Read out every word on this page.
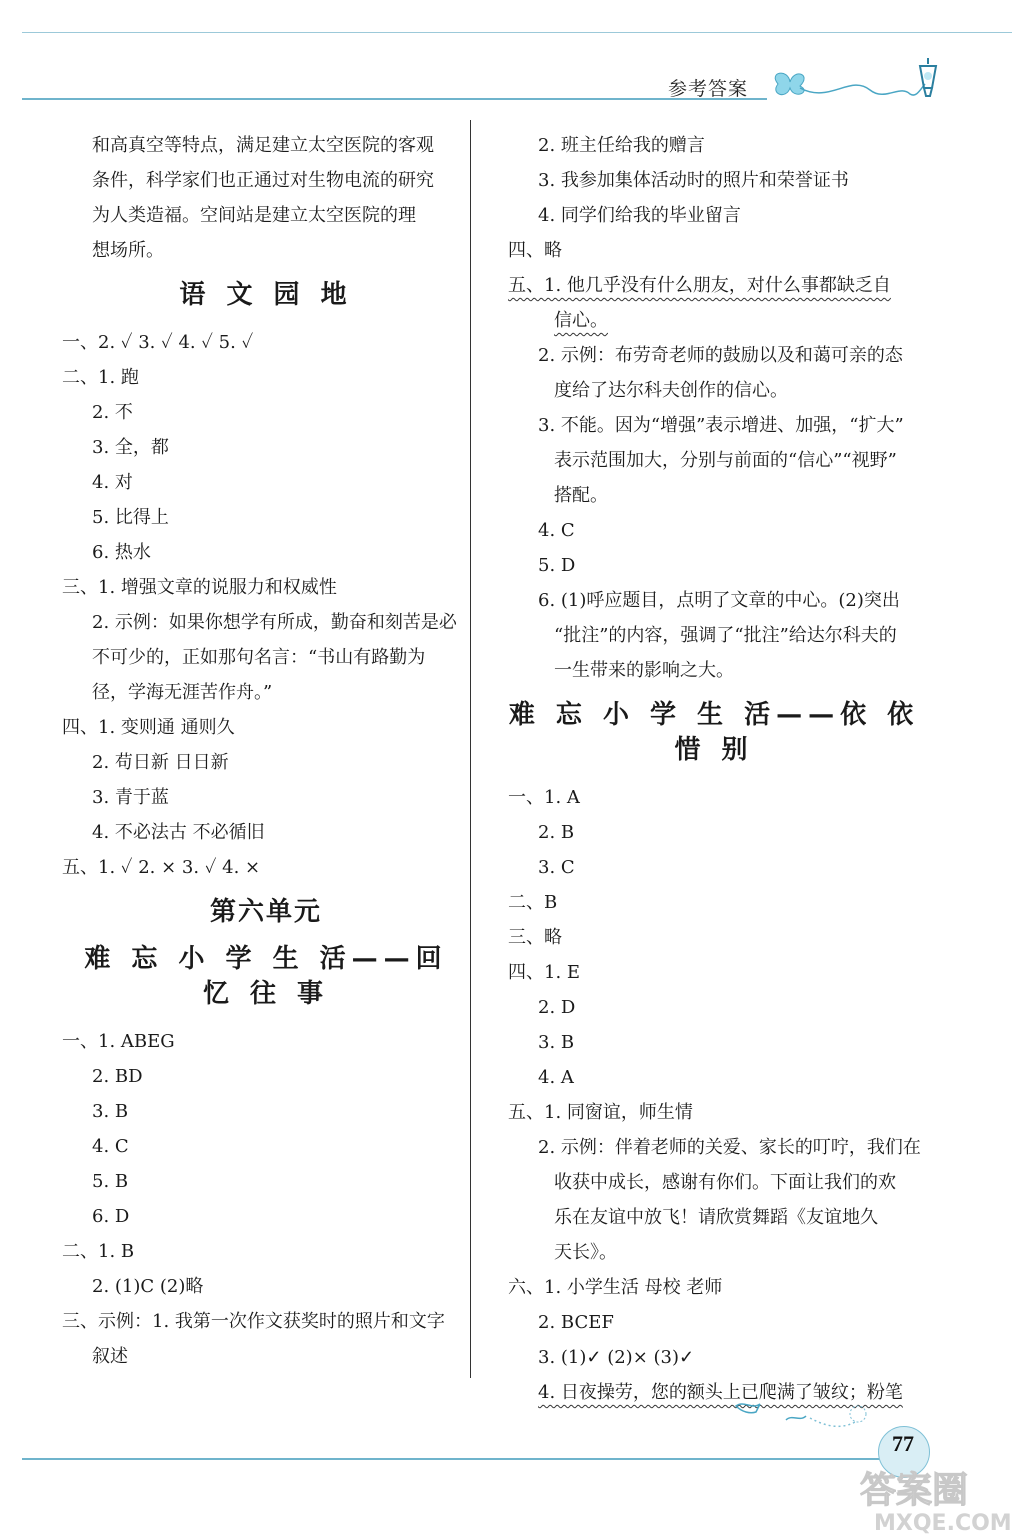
参考答案
和高真空等特点，满足建立太空医院的客观
条件，科学家们也正通过对生物电流的研究
为人类造福。空间站是建立太空医院的理
想场所。
语 文 园 地
一、2. ✓ 3. ✓ 4. ✓ 5. ✓
二、1. 跑
2. 不
3. 全，都
4. 对
5. 比得上
6. 热水
三、1. 增强文章的说服力和权威性
2. 示例：如果你想学有所成，勤奋和刻苦是必
不可少的，正如那句名言：“书山有路勤为
径，学海无涯苦作舟。”
四、1. 变则通 通则久
2. 苟日新 日日新
3. 青于蓝
4. 不必法古 不必循旧
五、1. ✓ 2. × 3. ✓ 4. ×
第六单元
难 忘 小 学 生 活——回 忆 往 事
一、1. ABEG
2. BD
3. B
4. C
5. B
6. D
二、1. B
2. (1)C (2)略
三、示例：1. 我第一次作文获奖时的照片和文字
叙述
2. 班主任给我的赠言
3. 我参加集体活动时的照片和荣誉证书
4. 同学们给我的毕业留言
四、略
五、1. 他几乎没有什么朋友，对什么事都缺乏自
信心。
2. 示例：布劳奇老师的鼓励以及和蔼可亲的态
度给了达尔科夫创作的信心。
3. 不能。因为“增强”表示增进、加强，“扩大”
表示范围加大，分别与前面的“信心”“视野”
搭配。
4. C
5. D
6. (1)呼应题目，点明了文章的中心。(2)突出
“批注”的内容，强调了“批注”给达尔科夫的
一生带来的影响之大。
难 忘 小 学 生 活——依 依 惜 别
一、1. A
2. B
3. C
二、B
三、略
四、1. E
2. D
3. B
4. A
五、1. 同窗谊，师生情
2. 示例：伴着老师的关爱、家长的叮咛，我们在
收获中成长，感谢有你们。下面让我们的欢
乐在友谊中放飞！请欣赏舞蹈《友谊地久
天长》。
六、1. 小学生活 母校 老师
2. BCEF
3. (1)✓ (2)× (3)✓
4. 日夜操劳，您的额头上已爬满了皱纹；粉笔
77
答案圈
MXQE.COM
